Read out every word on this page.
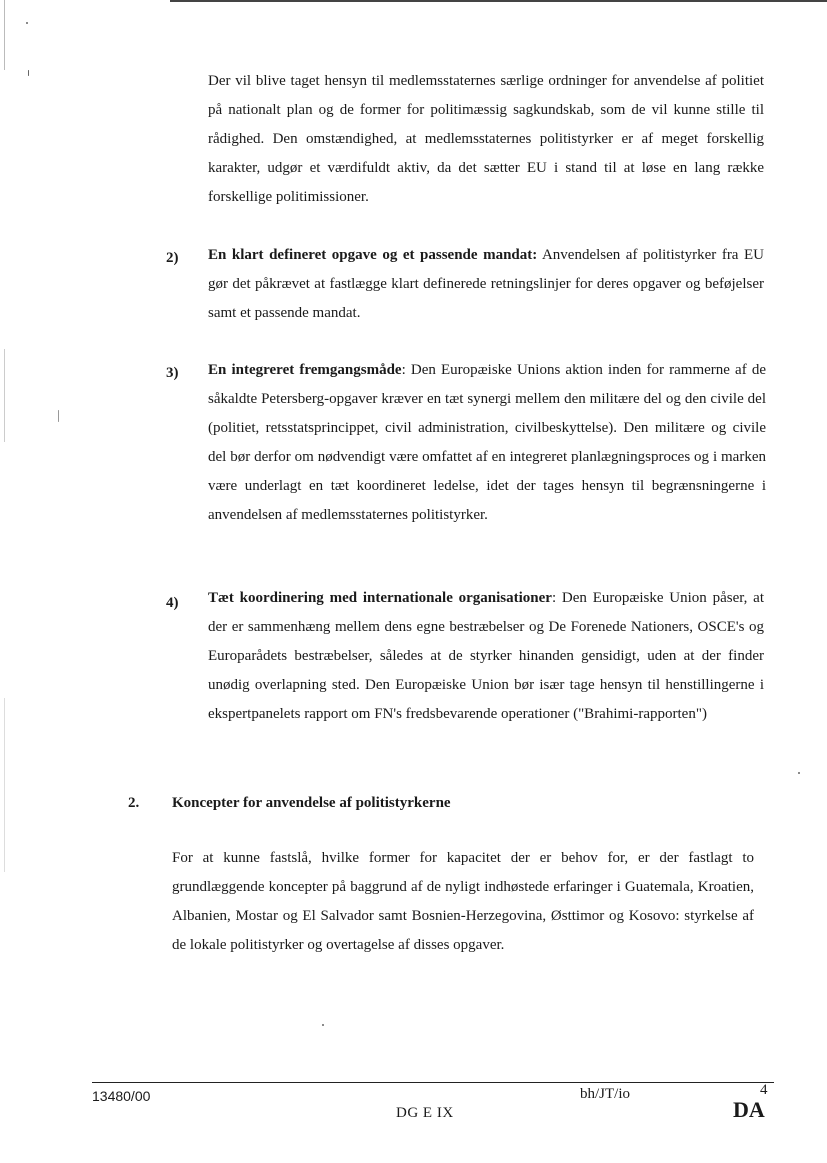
Der vil blive taget hensyn til medlemsstaternes særlige ordninger for anvendelse af politiet på nationalt plan og de former for politimæssig sagkundskab, som de vil kunne stille til rådighed. Den omstændighed, at medlemsstaternes politistyrker er af meget forskellig karakter, udgør et værdifuldt aktiv, da det sætter EU i stand til at løse en lang række forskellige politimissioner.
2) En klart defineret opgave og et passende mandat: Anvendelsen af politistyrker fra EU gør det påkrævet at fastlægge klart definerede retningslinjer for deres opgaver og beføjelser samt et passende mandat.
3) En integreret fremgangsmåde: Den Europæiske Unions aktion inden for rammerne af de såkaldte Petersberg-opgaver kræver en tæt synergi mellem den militære del og den civile del (politiet, retsstatsprincippet, civil administration, civilbeskyttelse). Den militære og civile del bør derfor om nødvendigt være omfattet af en integreret planlægningsproces og i marken være underlagt en tæt koordineret ledelse, idet der tages hensyn til begrænsningerne i anvendelsen af medlemsstaternes politistyrker.
4) Tæt koordinering med internationale organisationer: Den Europæiske Union påser, at der er sammenhæng mellem dens egne bestræbelser og De Forenede Nationers, OSCE's og Europarådets bestræbelser, således at de styrker hinanden gensidigt, uden at der finder unødig overlapning sted. Den Europæiske Union bør især tage hensyn til henstillingerne i ekspertpanelets rapport om FN's fredsbevarende operationer ("Brahimi-rapporten")
2. Koncepter for anvendelse af politistyrkerne
For at kunne fastslå, hvilke former for kapacitet der er behov for, er der fastlagt to grundlæggende koncepter på baggrund af de nyligt indhøstede erfaringer i Guatemala, Kroatien, Albanien, Mostar og El Salvador samt Bosnien-Herzegovina, Østtimor og Kosovo: styrkelse af de lokale politistyrker og overtagelse af disses opgaver.
13480/00	bh/JT/io	4
DG E IX	DA
